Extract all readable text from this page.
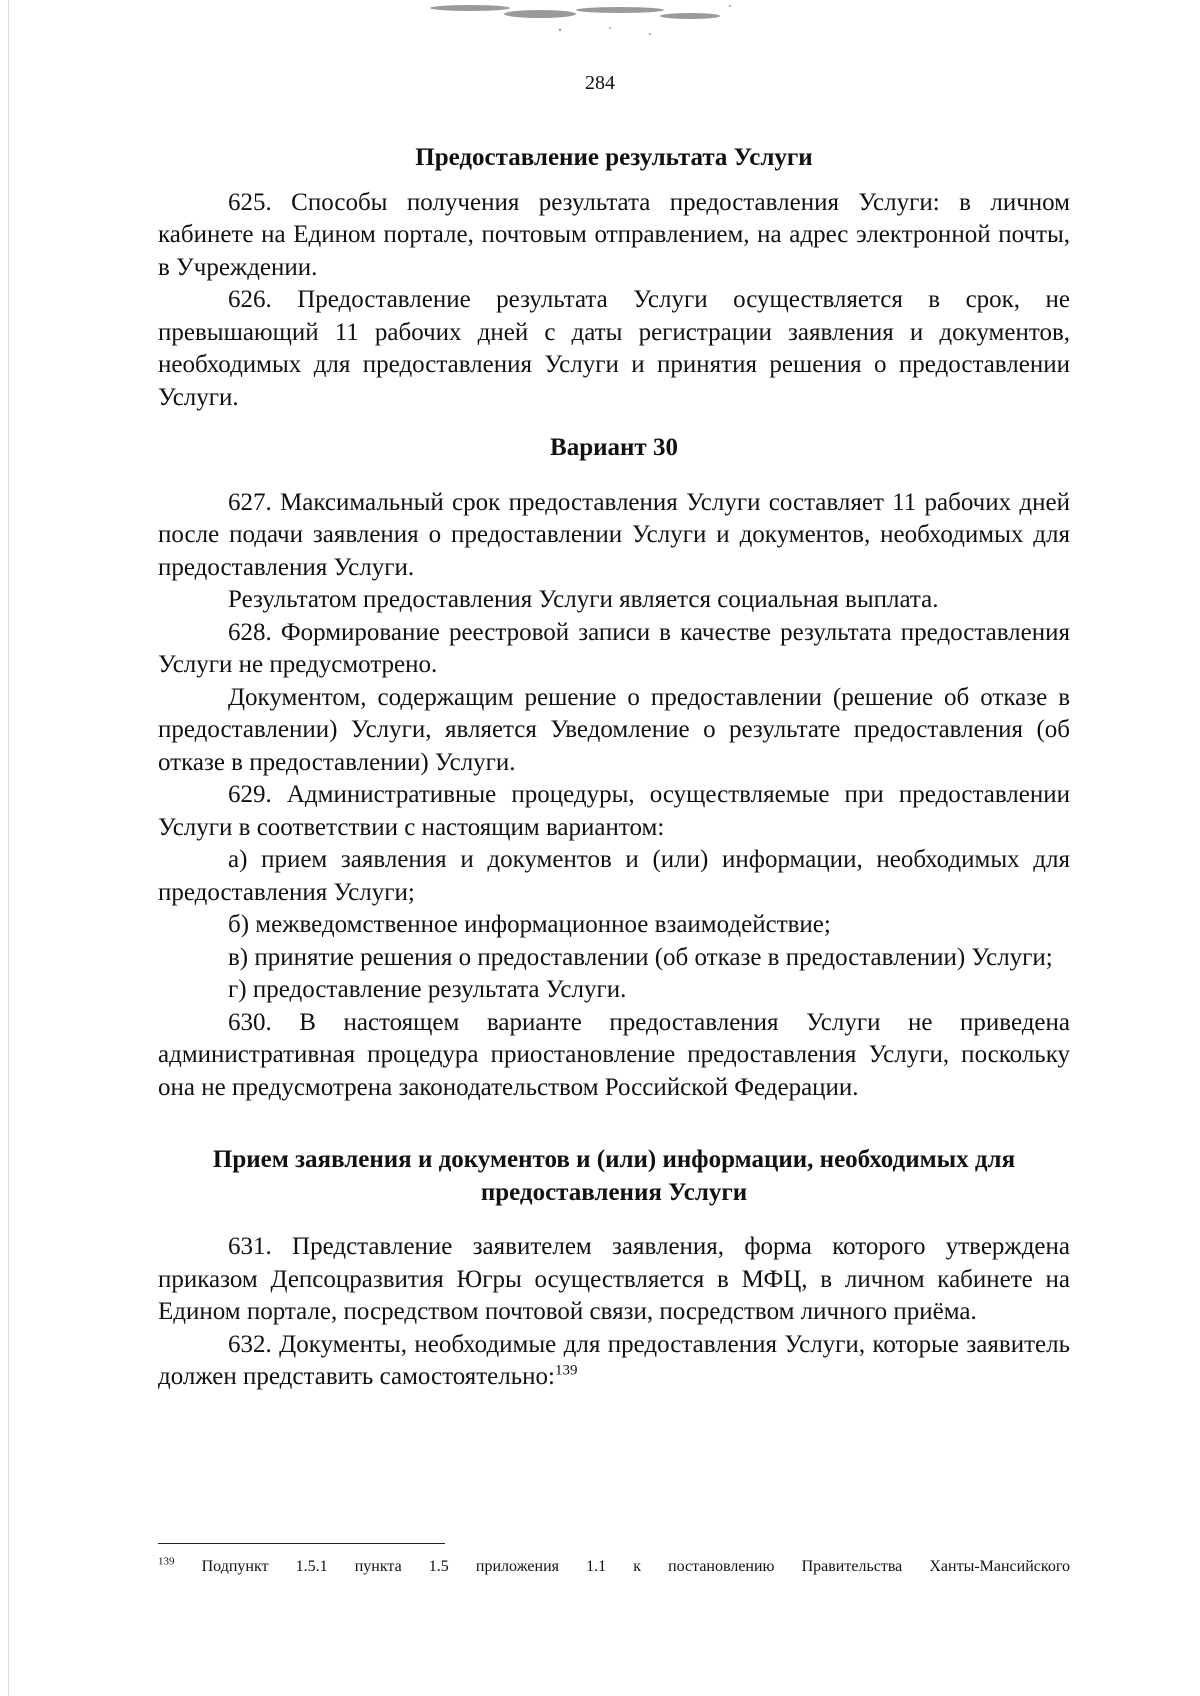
284

Предоставление результата Услуги

625. Способы получения результата предоставления Услуги: в личном кабинете на Едином портале, почтовым отправлением, на адрес электронной почты, в Учреждении.

626. Предоставление результата Услуги осуществляется в срок, не превышающий 11 рабочих дней с даты регистрации заявления и документов, необходимых для предоставления Услуги и принятия решения о предоставлении Услуги.

Вариант 30

627. Максимальный срок предоставления Услуги составляет 11 рабочих дней после подачи заявления о предоставлении Услуги и документов, необходимых для предоставления Услуги.

Результатом предоставления Услуги является социальная выплата.

628. Формирование реестровой записи в качестве результата предоставления Услуги не предусмотрено.

Документом, содержащим решение о предоставлении (решение об отказе в предоставлении) Услуги, является Уведомление о результате предоставления (об отказе в предоставлении) Услуги.

629. Административные процедуры, осуществляемые при предоставлении Услуги в соответствии с настоящим вариантом:

а) прием заявления и документов и (или) информации, необходимых для предоставления Услуги;

б) межведомственное информационное взаимодействие;

в) принятие решения о предоставлении (об отказе в предоставлении) Услуги;

г) предоставление результата Услуги.

630. В настоящем варианте предоставления Услуги не приведена административная процедура приостановление предоставления Услуги, поскольку она не предусмотрена законодательством Российской Федерации.

Прием заявления и документов и (или) информации, необходимых для
предоставления Услуги

631. Представление заявителем заявления, форма которого утверждена приказом Депсоцразвития Югры осуществляется в МФЦ, в личном кабинете на Едином портале, посредством почтовой связи, посредством личного приёма.

632. Документы, необходимые для предоставления Услуги, которые заявитель должен представить самостоятельно:$^{139}$

$^{139}$ Подпункт 1.5.1 пункта 1.5 приложения 1.1 к постановлению Правительства Ханты-Мансийского
